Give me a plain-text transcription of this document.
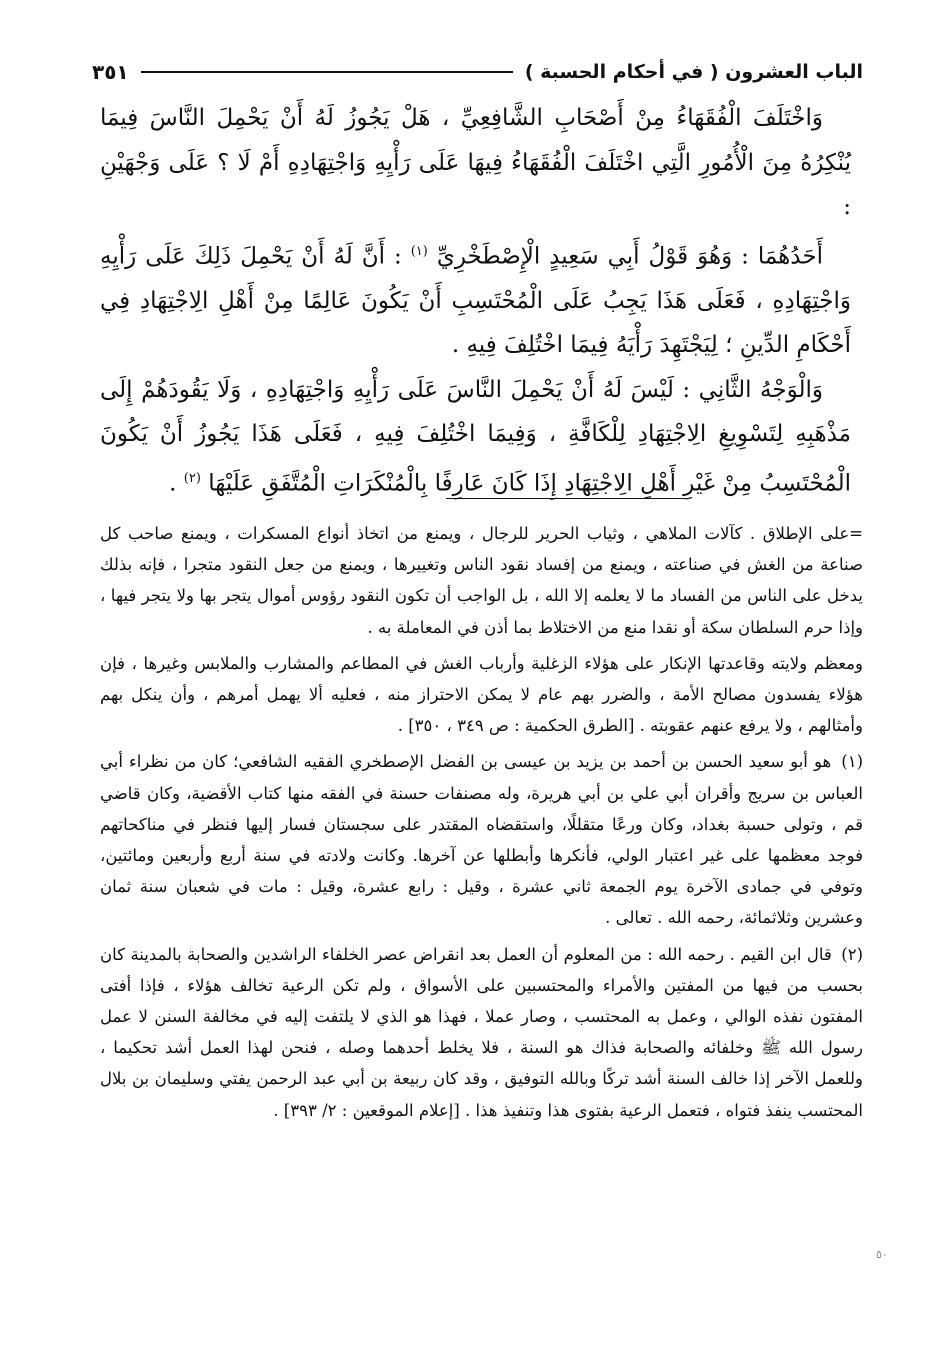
الباب العشرون ( في أحكام الحسبة )
٣٥١

وَاخْتَلَفَ الْفُقَهَاءُ مِنْ أَصْحَابِ الشَّافِعِيِّ ، هَلْ يَجُوزُ لَهُ أَنْ يَحْمِلَ النَّاسَ فِيمَا يُنْكِرُهُ مِنَ الْأُمُورِ الَّتِي اخْتَلَفَ الْفُقَهَاءُ فِيهَا عَلَى رَأْيِهِ وَاجْتِهَادِهِ أَمْ لَا ؟ عَلَى وَجْهَيْنِ :

أَحَدُهُمَا : وَهُوَ قَوْلُ أَبِي سَعِيدٍ الْإِصْطَخْرِيِّ $^{(١)}$ : أَنَّ لَهُ أَنْ يَحْمِلَ ذَلِكَ عَلَى رَأْيِهِ وَاجْتِهَادِهِ ، فَعَلَى هَذَا يَجِبُ عَلَى الْمُحْتَسِبِ أَنْ يَكُونَ عَالِمًا مِنْ أَهْلِ الِاجْتِهَادِ فِي أَحْكَامِ الدِّينِ ؛ لِيَجْتَهِدَ رَأْيَهُ فِيمَا اخْتُلِفَ فِيهِ .

وَالْوَجْهُ الثَّانِي : لَيْسَ لَهُ أَنْ يَحْمِلَ النَّاسَ عَلَى رَأْيِهِ وَاجْتِهَادِهِ ، وَلَا يَقُودَهُمْ إِلَى مَذْهَبِهِ لِتَسْوِيغِ الِاجْتِهَادِ لِلْكَافَّةِ ، وَفِيمَا اخْتُلِفَ فِيهِ ، فَعَلَى هَذَا يَجُوزُ أَنْ يَكُونَ الْمُحْتَسِبُ مِنْ غَيْرِ أَهْلِ الِاجْتِهَادِ إِذَا كَانَ عَارِفًا بِالْمُنْكَرَاتِ الْمُتَّفَقِ عَلَيْهَا $^{(٢)}$ .

=على الإطلاق . كآلات الملاهي ، وثياب الحرير للرجال ، ويمنع من اتخاذ أنواع المسكرات ، ويمنع صاحب كل صناعة من الغش في صناعته ، ويمنع من إفساد نقود الناس وتغييرها ، ويمنع من جعل النقود متجرا ، فإنه بذلك يدخل على الناس من الفساد ما لا يعلمه إلا الله ، بل الواجب أن تكون النقود رؤوس أموال يتجر بها ولا يتجر فيها ، وإذا حرم السلطان سكة أو نقدا منع من الاختلاط بما أذن في المعاملة به .

ومعظم ولايته وقاعدتها الإنكار على هؤلاء الزغلية وأرباب الغش في المطاعم والمشارب والملابس وغيرها ، فإن هؤلاء يفسدون مصالح الأمة ، والضرر بهم عام لا يمكن الاحتراز منه ، فعليه ألا يهمل أمرهم ، وأن ينكل بهم وأمثالهم ، ولا يرفع عنهم عقوبته . [الطرق الحكمية : ص ٣٤٩ ، ٣٥٠] .

(١) هو أبو سعيد الحسن بن أحمد بن يزيد بن عيسى بن الفضل الإصطخري الفقيه الشافعي؛ كان من نظراء أبي العباس بن سريج وأقران أبي علي بن أبي هريرة، وله مصنفات حسنة في الفقه منها كتاب الأقضية، وكان قاضي قم ، وتولى حسبة بغداد، وكان ورعًا متقللًا، واستقضاه المقتدر على سجستان فسار إليها فنظر في مناكحاتهم فوجد معظمها على غير اعتبار الولي، فأنكرها وأبطلها عن آخرها. وكانت ولادته في سنة أربع وأربعين ومائتين، وتوفي في جمادى الآخرة يوم الجمعة ثاني عشرة ، وقيل : رابع عشرة، وقيل : مات في شعبان سنة ثمان وعشرين وثلاثمائة، رحمه الله . تعالى .

(٢) قال ابن القيم . رحمه الله : من المعلوم أن العمل بعد انقراض عصر الخلفاء الراشدين والصحابة بالمدينة كان بحسب من فيها من المفتين والأمراء والمحتسبين على الأسواق ، ولم تكن الرعية تخالف هؤلاء ، فإذا أفتى المفتون نفذه الوالي ، وعمل به المحتسب ، وصار عملا ، فهذا هو الذي لا يلتفت إليه في مخالفة السنن لا عمل رسول الله ﷺ وخلفائه والصحابة فذاك هو السنة ، فلا يخلط أحدهما وصله ، فنحن لهذا العمل أشد تحكيما ، وللعمل الآخر إذا خالف السنة أشد تركًا وبالله التوفيق ، وقد كان ربيعة بن أبي عبد الرحمن يفتي وسليمان بن بلال المحتسب ينفذ فتواه ، فتعمل الرعية بفتوى هذا وتنفيذ هذا . [إعلام الموقعين : ٢/ ٣٩٣] .

٥٠
